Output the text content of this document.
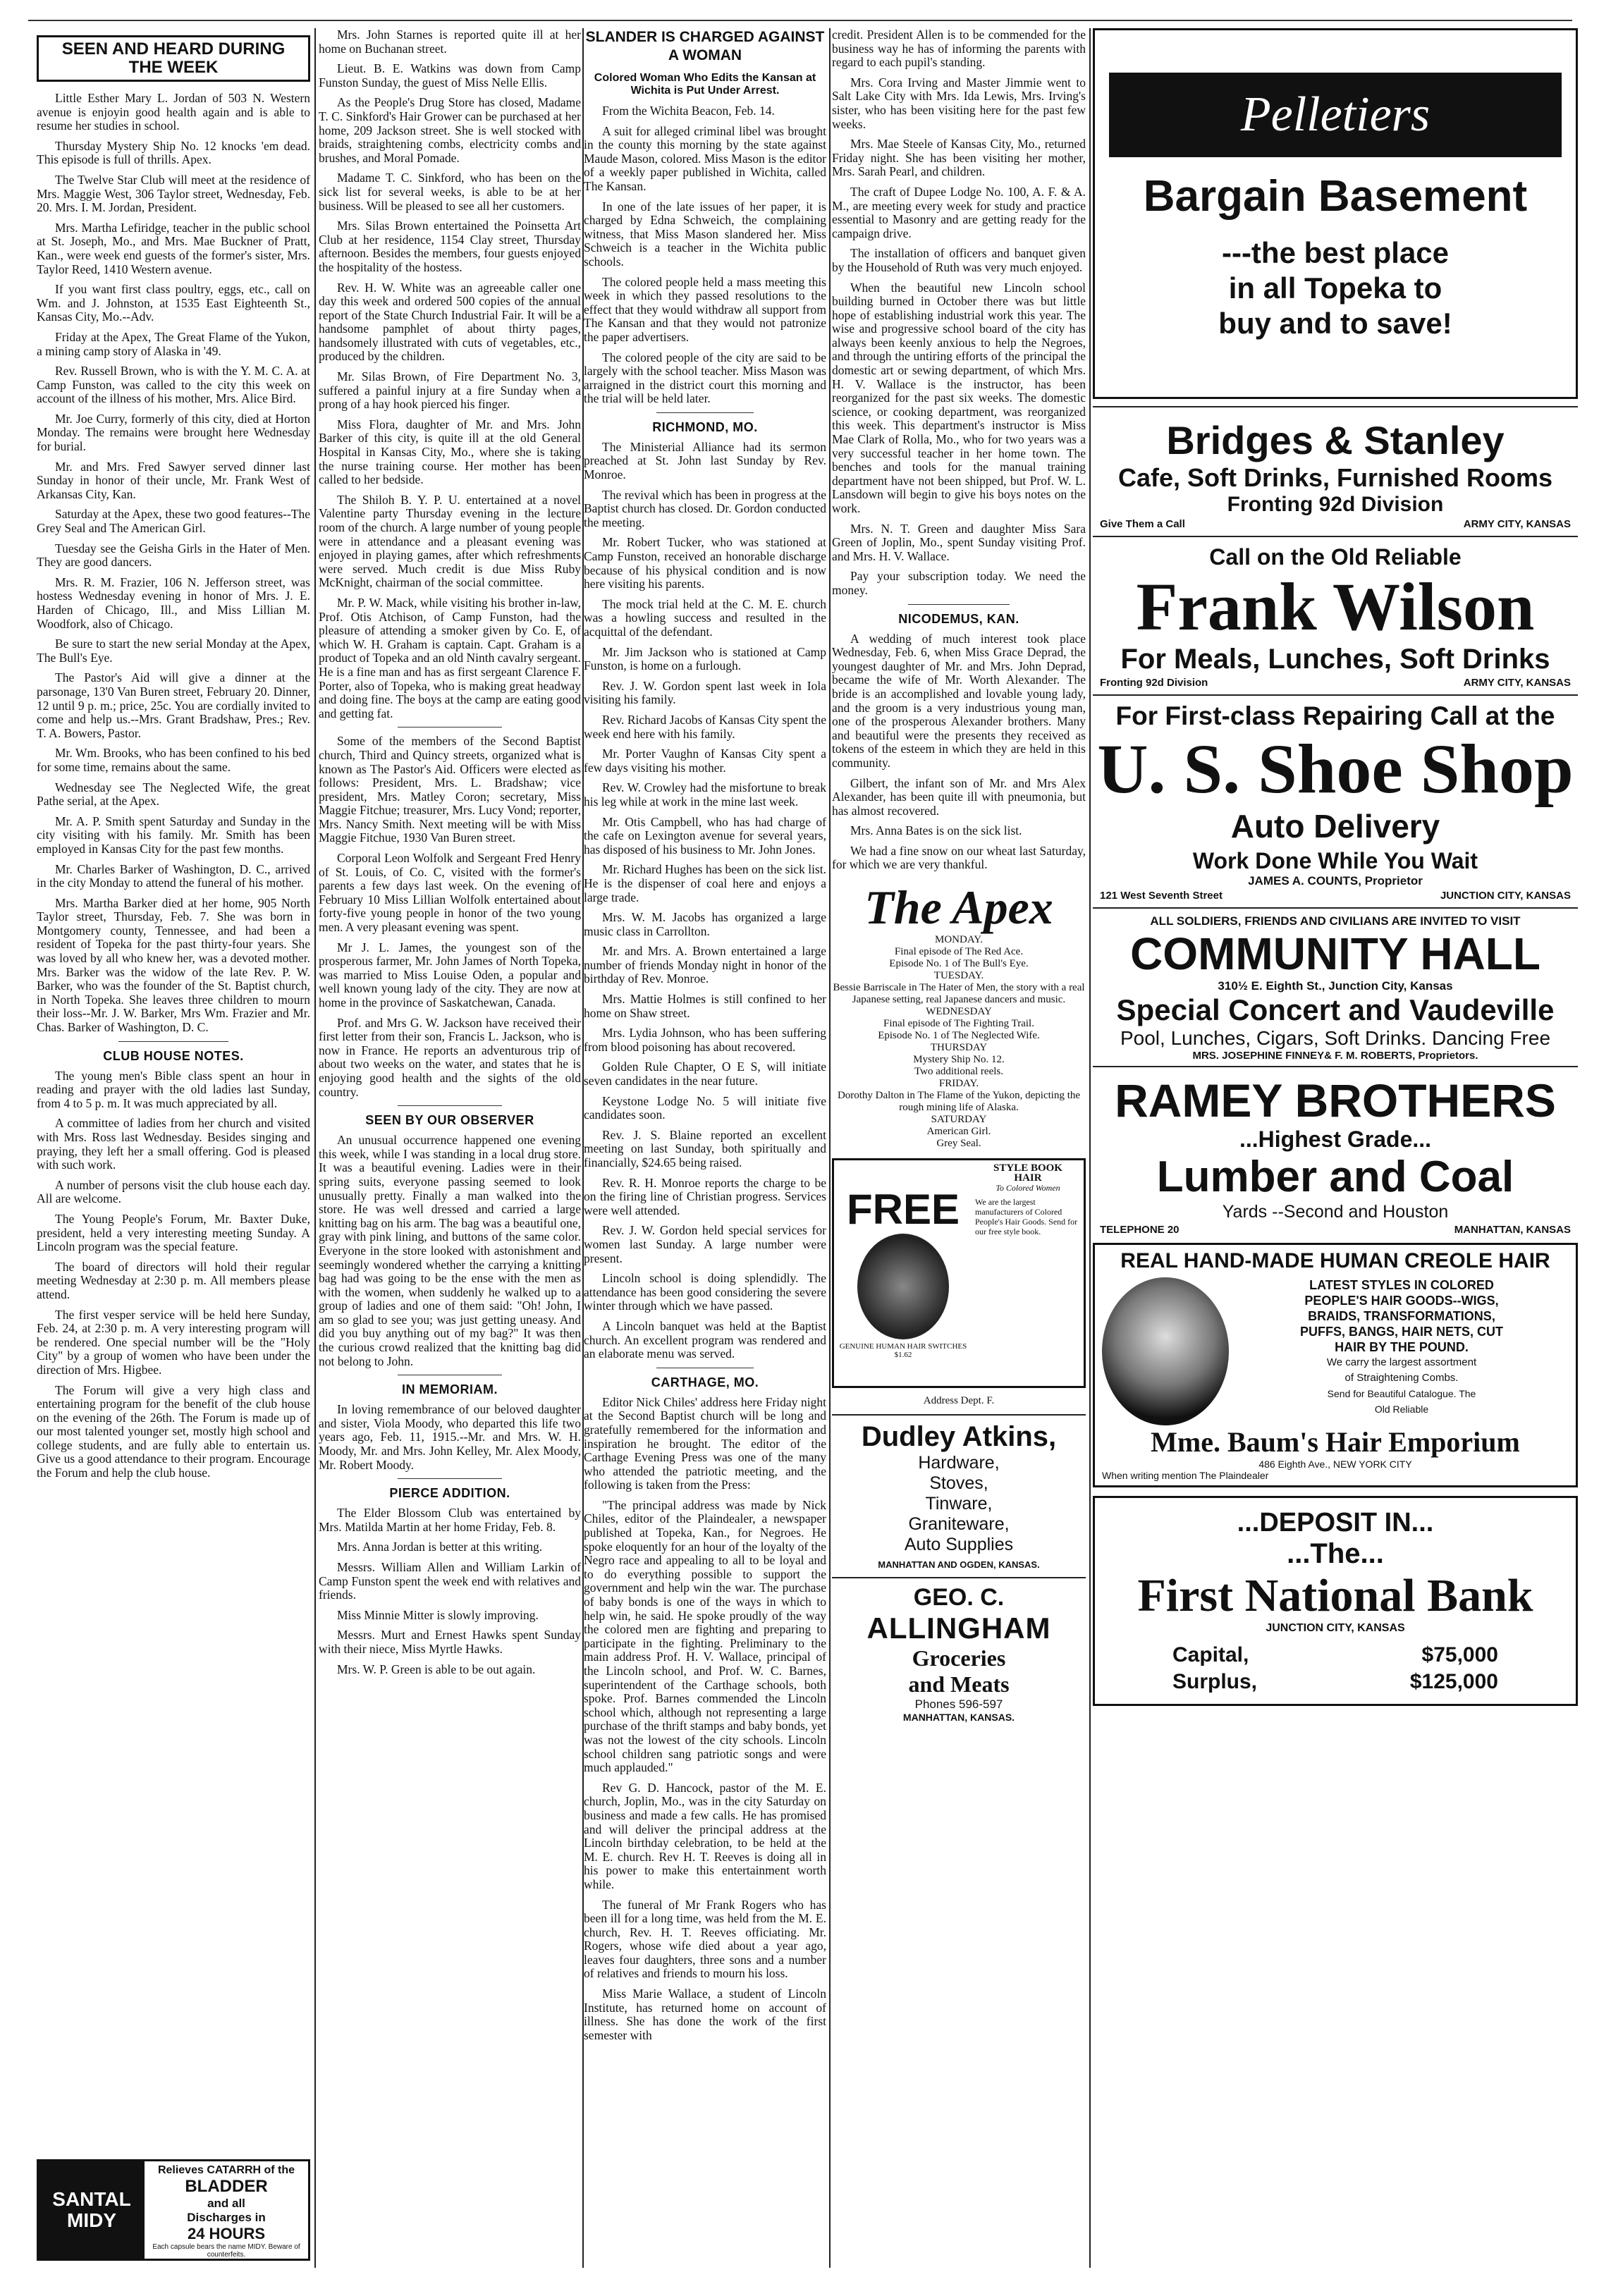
SEEN AND HEARD DURING THE WEEK

Little Esther Mary L. Jordan of 503 N. Western avenue is enjoyin good health again and is able to resume her studies in school.

Thursday Mystery Ship No. 12 knocks 'em dead. This episode is full of thrills. Apex.

The Twelve Star Club will meet at the residence of Mrs. Maggie West, 306 Taylor street, Wednesday, Feb. 20. Mrs. I. M. Jordan, President.

Mrs. Martha Lefiridge, teacher in the public school at St. Joseph, Mo., and Mrs. Mae Buckner of Pratt, Kan., were week end guests of the former's sister, Mrs. Taylor Reed, 1410 Western avenue.

If you want first class poultry, eggs, etc., call on Wm. and J. Johnston, at 1535 East Eighteenth St., Kansas City, Mo.--Adv.

Friday at the Apex, The Great Flame of the Yukon, a mining camp story of Alaska in '49.

Rev. Russell Brown, who is with the Y. M. C. A. at Camp Funston, was called to the city this week on account of the illness of his mother, Mrs. Alice Bird.

Mr. Joe Curry, formerly of this city, died at Horton Monday. The remains were brought here Wednesday for burial.

Mr. and Mrs. Fred Sawyer served dinner last Sunday in honor of their uncle, Mr. Frank West of Arkansas City, Kan.

Saturday at the Apex, these two good features--The Grey Seal and The American Girl.

Tuesday see the Geisha Girls in the Hater of Men. They are good dancers.

Mrs. R. M. Frazier, 106 N. Jefferson street, was hostess Wednesday evening in honor of Mrs. J. E. Harden of Chicago, Ill., and Miss Lillian M. Woodfork, also of Chicago.

Be sure to start the new serial Monday at the Apex, The Bull's Eye.

The Pastor's Aid will give a dinner at the parsonage, 13'0 Van Buren street, February 20. Dinner, 12 until 9 p. m.; price, 25c. You are cordially invited to come and help us.--Mrs. Grant Bradshaw, Pres.; Rev. T. A. Bowers, Pastor.

Mr. Wm. Brooks, who has been confined to his bed for some time, remains about the same.

Wednesday see The Neglected Wife, the great Pathe serial, at the Apex.

Mr. A. P. Smith spent Saturday and Sunday in the city visiting with his family. Mr. Smith has been employed in Kansas City for the past few months.

Mr. Charles Barker of Washington, D. C., arrived in the city Monday to attend the funeral of his mother.

Mrs. Martha Barker died at her home, 905 North Taylor street, Thursday, Feb. 7. She was born in Montgomery county, Tennessee, and had been a resident of Topeka for the past thirty-four years. She was loved by all who knew her, was a devoted mother. Mrs. Barker was the widow of the late Rev. P. W. Barker, who was the founder of the St. Baptist church, in North Topeka. She leaves three children to mourn their loss--Mr. J. W. Barker, Mrs Wm. Frazier and Mr. Chas. Barker of Washington, D. C.

CLUB HOUSE NOTES.

The young men's Bible class spent an hour in reading and prayer with the old ladies last Sunday, from 4 to 5 p. m. It was much appreciated by all.

A committee of ladies from her church and visited with Mrs. Ross last Wednesday. Besides singing and praying, they left her a small offering. God is pleased with such work.

A number of persons visit the club house each day. All are welcome.

The Young People's Forum, Mr. Baxter Duke, president, held a very interesting meeting Sunday. A Lincoln program was the special feature.

The board of directors will hold their regular meeting Wednesday at 2:30 p. m. All members please attend.

The first vesper service will be held here Sunday, Feb. 24, at 2:30 p. m. A very interesting program will be rendered. One special number will be the "Holy City" by a group of women who have been under the direction of Mrs. Higbee.

The Forum will give a very high class and entertaining program for the benefit of the club house on the evening of the 26th. The Forum is made up of our most talented younger set, mostly high school and college students, and are fully able to entertain us. Give us a good attendance to their program. Encourage the Forum and help the club house.

SANTAL MIDY
Relieves CATARRH of the
BLADDER
and all
Discharges in
24 HOURS
Each capsule bears the name MIDY. Beware of counterfeits.

Mrs. John Starnes is reported quite ill at her home on Buchanan street.

Lieut. B. E. Watkins was down from Camp Funston Sunday, the guest of Miss Nelle Ellis.

As the People's Drug Store has closed, Madame T. C. Sinkford's Hair Grower can be purchased at her home, 209 Jackson street. She is well stocked with braids, straightening combs, electricity combs and brushes, and Moral Pomade.

Madame T. C. Sinkford, who has been on the sick list for several weeks, is able to be at her business. Will be pleased to see all her customers.

Mrs. Silas Brown entertained the Poinsetta Art Club at her residence, 1154 Clay street, Thursday afternoon. Besides the members, four guests enjoyed the hospitality of the hostess.

Rev. H. W. White was an agreeable caller one day this week and ordered 500 copies of the annual report of the State Church Industrial Fair. It will be a handsome pamphlet of about thirty pages, handsomely illustrated with cuts of vegetables, etc., produced by the children.

Mr. Silas Brown, of Fire Department No. 3, suffered a painful injury at a fire Sunday when a prong of a hay hook pierced his finger.

Miss Flora, daughter of Mr. and Mrs. John Barker of this city, is quite ill at the old General Hospital in Kansas City, Mo., where she is taking the nurse training course. Her mother has been called to her bedside.

The Shiloh B. Y. P. U. entertained at a novel Valentine party Thursday evening in the lecture room of the church. A large number of young people were in attendance and a pleasant evening was enjoyed in playing games, after which refreshments were served. Much credit is due Miss Ruby McKnight, chairman of the social committee.

Mr. P. W. Mack, while visiting his brother in-law, Prof. Otis Atchison, of Camp Funston, had the pleasure of attending a smoker given by Co. E, of which W. H. Graham is captain. Capt. Graham is a product of Topeka and an old Ninth cavalry sergeant. He is a fine man and has as first sergeant Clarence F. Porter, also of Topeka, who is making great headway and doing fine. The boys at the camp are eating good and getting fat.

Some of the members of the Second Baptist church, Third and Quincy streets, organized what is known as The Pastor's Aid. Officers were elected as follows: President, Mrs. L. Bradshaw; vice president, Mrs. Matley Coron; secretary, Miss Maggie Fitchue; treasurer, Mrs. Lucy Vond; reporter, Mrs. Nancy Smith. Next meeting will be with Miss Maggie Fitchue, 1930 Van Buren street.

Corporal Leon Wolfolk and Sergeant Fred Henry of St. Louis, of Co. C, visited with the former's parents a few days last week. On the evening of February 10 Miss Lillian Wolfolk entertained about forty-five young people in honor of the two young men. A very pleasant evening was spent.

Mr J. L. James, the youngest son of the prosperous farmer, Mr. John James of North Topeka, was married to Miss Louise Oden, a popular and well known young lady of the city. They are now at home in the province of Saskatchewan, Canada.

Prof. and Mrs G. W. Jackson have received their first letter from their son, Francis L. Jackson, who is now in France. He reports an adventurous trip of about two weeks on the water, and states that he is enjoying good health and the sights of the old country.

SEEN BY OUR OBSERVER

An unusual occurrence happened one evening this week, while I was standing in a local drug store. It was a beautiful evening. Ladies were in their spring suits, everyone passing seemed to look unusually pretty. Finally a man walked into the store. He was well dressed and carried a large knitting bag on his arm. The bag was a beautiful one, gray with pink lining, and buttons of the same color. Everyone in the store looked with astonishment and seemingly wondered whether the carrying a knitting bag had was going to be the ense with the men as with the women, when suddenly he walked up to a group of ladies and one of them said: "Oh! John, I am so glad to see you; was just getting uneasy. And did you buy anything out of my bag?" It was then the curious crowd realized that the knitting bag did not belong to John.

IN MEMORIAM.

In loving remembrance of our beloved daughter and sister, Viola Moody, who departed this life two years ago, Feb. 11, 1915.--Mr. and Mrs. W. H. Moody, Mr. and Mrs. John Kelley, Mr. Alex Moody, Mr. Robert Moody.

PIERCE ADDITION.

The Elder Blossom Club was entertained by Mrs. Matilda Martin at her home Friday, Feb. 8.

Mrs. Anna Jordan is better at this writing.

Messrs. William Allen and William Larkin of Camp Funston spent the week end with relatives and friends.

Miss Minnie Mitter is slowly improving.

Messrs. Murt and Ernest Hawks spent Sunday with their niece, Miss Myrtle Hawks.

Mrs. W. P. Green is able to be out again.

SLANDER IS CHARGED AGAINST A WOMAN
Colored Woman Who Edits the Kansan at Wichita is Put Under Arrest.

From the Wichita Beacon, Feb. 14.

A suit for alleged criminal libel was brought in the county this morning by the state against Maude Mason, colored. Miss Mason is the editor of a weekly paper published in Wichita, called The Kansan.

In one of the late issues of her paper, it is charged by Edna Schweich, the complaining witness, that Miss Mason slandered her. Miss Schweich is a teacher in the Wichita public schools.

The colored people held a mass meeting this week in which they passed resolutions to the effect that they would withdraw all support from The Kansan and that they would not patronize the paper advertisers.

The colored people of the city are said to be largely with the school teacher. Miss Mason was arraigned in the district court this morning and the trial will be held later.

RICHMOND, MO.

The Ministerial Alliance had its sermon preached at St. John last Sunday by Rev. Monroe.

The revival which has been in progress at the Baptist church has closed. Dr. Gordon conducted the meeting.

Mr. Robert Tucker, who was stationed at Camp Funston, received an honorable discharge because of his physical condition and is now here visiting his parents.

The mock trial held at the C. M. E. church was a howling success and resulted in the acquittal of the defendant.

Mr. Jim Jackson who is stationed at Camp Funston, is home on a furlough.

Rev. J. W. Gordon spent last week in Iola visiting his family.

Rev. Richard Jacobs of Kansas City spent the week end here with his family.

Mr. Porter Vaughn of Kansas City spent a few days visiting his mother.

Rev. W. Crowley had the misfortune to break his leg while at work in the mine last week.

Mr. Otis Campbell, who has had charge of the cafe on Lexington avenue for several years, has disposed of his business to Mr. John Jones.

Mr. Richard Hughes has been on the sick list. He is the dispenser of coal here and enjoys a large trade.

Mrs. W. M. Jacobs has organized a large music class in Carrollton.

Mr. and Mrs. A. Brown entertained a large number of friends Monday night in honor of the birthday of Rev. Monroe.

Mrs. Mattie Holmes is still confined to her home on Shaw street.

Mrs. Lydia Johnson, who has been suffering from blood poisoning has about recovered.

Golden Rule Chapter, O E S, will initiate seven candidates in the near future.

Keystone Lodge No. 5 will initiate five candidates soon.

Rev. J. S. Blaine reported an excellent meeting on last Sunday, both spiritually and financially, $24.65 being raised.

Rev. R. H. Monroe reports the charge to be on the firing line of Christian progress. Services were well attended.

Rev. J. W. Gordon held special services for women last Sunday. A large number were present.

Lincoln school is doing splendidly. The attendance has been good considering the severe winter through which we have passed.

A Lincoln banquet was held at the Baptist church. An excellent program was rendered and an elaborate menu was served.

CARTHAGE, MO.

Editor Nick Chiles' address here Friday night at the Second Baptist church will be long and gratefully remembered for the information and inspiration he brought. The editor of the Carthage Evening Press was one of the many who attended the patriotic meeting, and the following is taken from the Press:

"The principal address was made by Nick Chiles, editor of the Plaindealer, a newspaper published at Topeka, Kan., for Negroes. He spoke eloquently for an hour of the loyalty of the Negro race and appealing to all to be loyal and to do everything possible to support the government and help win the war. The purchase of baby bonds is one of the ways in which to help win, he said. He spoke proudly of the way the colored men are fighting and preparing to participate in the fighting. Preliminary to the main address Prof. H. V. Wallace, principal of the Lincoln school, and Prof. W. C. Barnes, superintendent of the Carthage schools, both spoke. Prof. Barnes commended the Lincoln school which, although not representing a large purchase of the thrift stamps and baby bonds, yet was not the lowest of the city schools. Lincoln school children sang patriotic songs and were much applauded."

Rev G. D. Hancock, pastor of the M. E. church, Joplin, Mo., was in the city Saturday on business and made a few calls. He has promised and will deliver the principal address at the Lincoln birthday celebration, to be held at the M. E. church. Rev H. T. Reeves is doing all in his power to make this entertainment worth while.

The funeral of Mr Frank Rogers who has been ill for a long time, was held from the M. E. church, Rev. H. T. Reeves officiating. Mr. Rogers, whose wife died about a year ago, leaves four daughters, three sons and a number of relatives and friends to mourn his loss.

Miss Marie Wallace, a student of Lincoln Institute, has returned home on account of illness. She has done the work of the first semester with

credit. President Allen is to be commended for the business way he has of informing the parents with regard to each pupil's standing.

Mrs. Cora Irving and Master Jimmie went to Salt Lake City with Mrs. Ida Lewis, Mrs. Irving's sister, who has been visiting here for the past few weeks.

Mrs. Mae Steele of Kansas City, Mo., returned Friday night. She has been visiting her mother, Mrs. Sarah Pearl, and children.

The craft of Dupee Lodge No. 100, A. F. & A. M., are meeting every week for study and practice essential to Masonry and are getting ready for the campaign drive.

The installation of officers and banquet given by the Household of Ruth was very much enjoyed.

When the beautiful new Lincoln school building burned in October there was but little hope of establishing industrial work this year. The wise and progressive school board of the city has always been keenly anxious to help the Negroes, and through the untiring efforts of the principal the domestic art or sewing department, of which Mrs. H. V. Wallace is the instructor, has been reorganized for the past six weeks. The domestic science, or cooking department, was reorganized this week. This department's instructor is Miss Mae Clark of Rolla, Mo., who for two years was a very successful teacher in her home town. The benches and tools for the manual training department have not been shipped, but Prof. W. L. Lansdown will begin to give his boys notes on the work.

Mrs. N. T. Green and daughter Miss Sara Green of Joplin, Mo., spent Sunday visiting Prof. and Mrs. H. V. Wallace.

Pay your subscription today. We need the money.

NICODEMUS, KAN.

A wedding of much interest took place Wednesday, Feb. 6, when Miss Grace Deprad, the youngest daughter of Mr. and Mrs. John Deprad, became the wife of Mr. Worth Alexander. The bride is an accomplished and lovable young lady, and the groom is a very industrious young man, one of the prosperous Alexander brothers. Many and beautiful were the presents they received as tokens of the esteem in which they are held in this community.

Gilbert, the infant son of Mr. and Mrs Alex Alexander, has been quite ill with pneumonia, but has almost recovered.

Mrs. Anna Bates is on the sick list.

We had a fine snow on our wheat last Saturday, for which we are very thankful.

The Apex
MONDAY.
Final episode of The Red Ace.
Episode No. 1 of The Bull's Eye.
TUESDAY.
Bessie Barriscale in The Hater of Men, the story with a real Japanese setting, real Japanese dancers and music.
WEDNESDAY
Final episode of The Fighting Trail.
Episode No. 1 of The Neglected Wife.
THURSDAY
Mystery Ship No. 12.
Two additional reels.
FRIDAY.
Dorothy Dalton in The Flame of the Yukon, depicting the rough mining life of Alaska.
SATURDAY
American Girl.
Grey Seal.
FREE
GENUINE HUMAN HAIR SWITCHES $1.62
STYLE BOOK
HAIR
To Colored Women
We are the largest manufacturers of Colored People's Hair Goods. Send for our free style book.
Address Dept. F.
Dudley Atkins,
Hardware,
Stoves,
Tinware,
Graniteware,
Auto Supplies
MANHATTAN AND OGDEN, KANSAS.
GEO. C.
ALLINGHAM
Groceries
and Meats
Phones 596-597
MANHATTAN, KANSAS.
Pelletiers
Bargain Basement
---the best place
in all Topeka to
buy and to save!
Bridges & Stanley
Cafe, Soft Drinks, Furnished Rooms
Fronting 92d Division
Give Them a Call	ARMY CITY, KANSAS
Call on the Old Reliable
Frank Wilson
For Meals, Lunches, Soft Drinks
Fronting 92d Division	ARMY CITY, KANSAS
For First-class Repairing Call at the
U. S. Shoe Shop
Auto Delivery
Work Done While You Wait
JAMES A. COUNTS, Proprietor
121 West Seventh Street	JUNCTION CITY, KANSAS
ALL SOLDIERS, FRIENDS AND CIVILIANS ARE INVITED TO VISIT
COMMUNITY HALL
310½ E. Eighth St., Junction City, Kansas
Special Concert and Vaudeville
Pool, Lunches, Cigars, Soft Drinks. Dancing Free
MRS. JOSEPHINE FINNEY& F. M. ROBERTS, Proprietors.
RAMEY BROTHERS
...Highest Grade...
Lumber and Coal
Yards --Second and Houston
TELEPHONE 20	MANHATTAN, KANSAS
REAL HAND-MADE HUMAN CREOLE HAIR
LATEST STYLES IN COLORED
PEOPLE'S HAIR GOODS--WIGS,
BRAIDS, TRANSFORMATIONS,
PUFFS, BANGS, HAIR NETS, CUT
HAIR BY THE POUND.
We carry the largest assortment
of Straightening Combs.
Send for Beautiful Catalogue. The
Old Reliable
Mme. Baum's Hair Emporium
486 Eighth Ave., NEW YORK CITY
When writing mention The Plaindealer
...DEPOSIT IN...
...The...
First National Bank
JUNCTION CITY, KANSAS
Capital,	$75,000
Surplus,	$125,000
